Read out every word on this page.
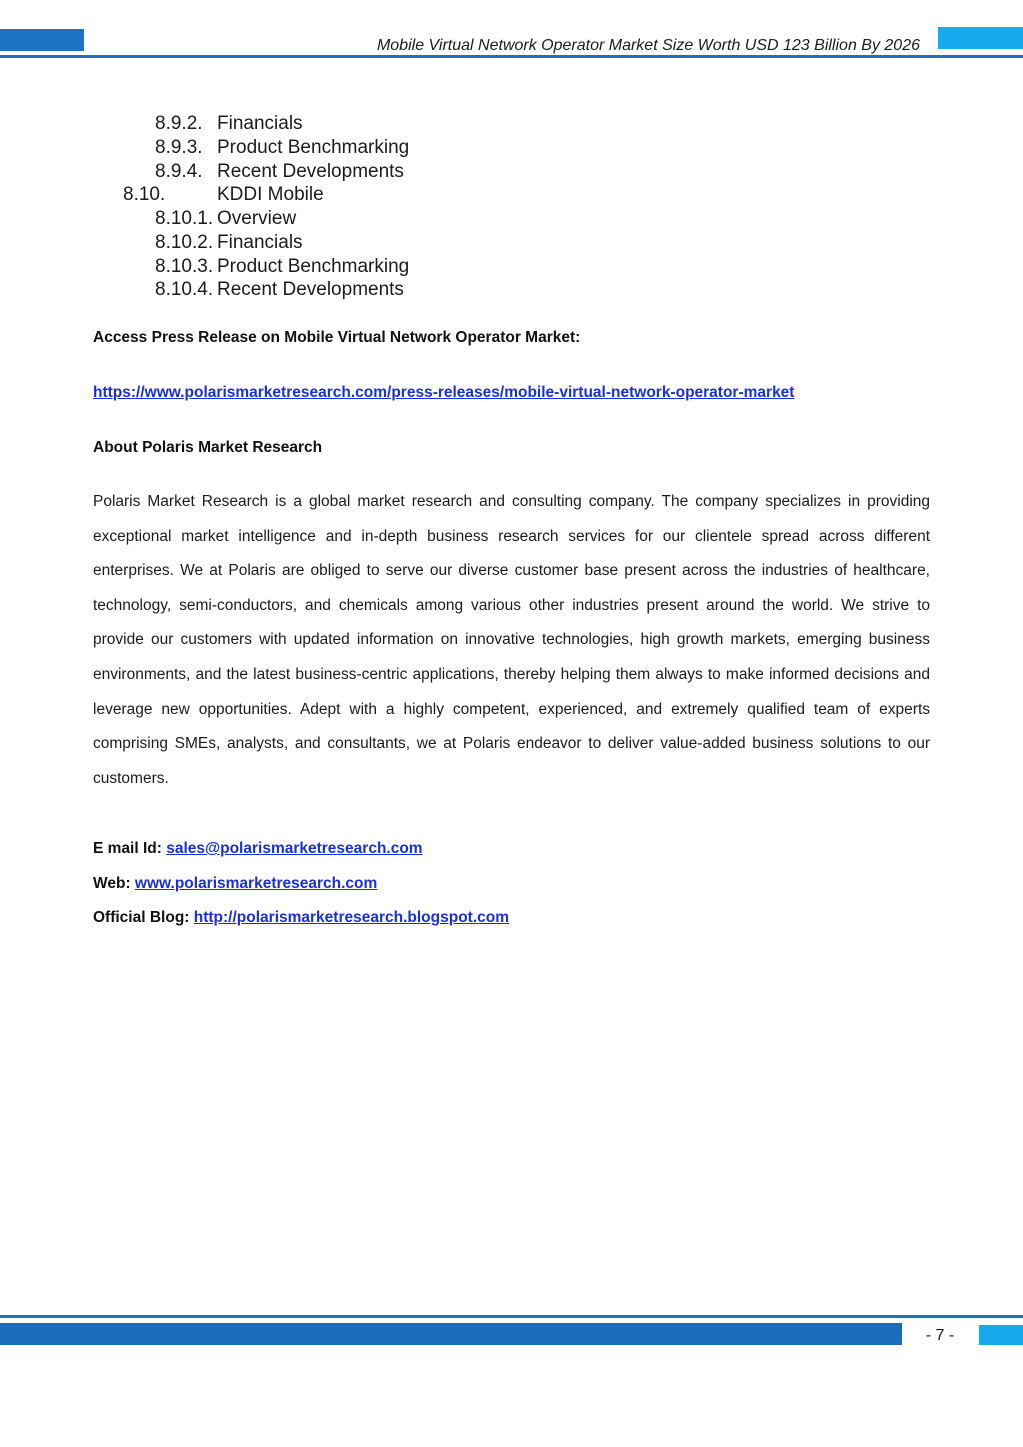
Mobile Virtual Network Operator Market Size Worth USD 123 Billion By 2026
8.9.2. Financials
8.9.3. Product Benchmarking
8.9.4. Recent Developments
8.10.	KDDI Mobile
8.10.1. Overview
8.10.2. Financials
8.10.3. Product Benchmarking
8.10.4. Recent Developments
Access Press Release on Mobile Virtual Network Operator Market:
https://www.polarismarketresearch.com/press-releases/mobile-virtual-network-operator-market
About Polaris Market Research
Polaris Market Research is a global market research and consulting company. The company specializes in providing exceptional market intelligence and in-depth business research services for our clientele spread across different enterprises. We at Polaris are obliged to serve our diverse customer base present across the industries of healthcare, technology, semi-conductors, and chemicals among various other industries present around the world. We strive to provide our customers with updated information on innovative technologies, high growth markets, emerging business environments, and the latest business-centric applications, thereby helping them always to make informed decisions and leverage new opportunities. Adept with a highly competent, experienced, and extremely qualified team of experts comprising SMEs, analysts, and consultants, we at Polaris endeavor to deliver value-added business solutions to our customers.
E mail Id: sales@polarismarketresearch.com
Web: www.polarismarketresearch.com
Official Blog: http://polarismarketresearch.blogspot.com
- 7 -
